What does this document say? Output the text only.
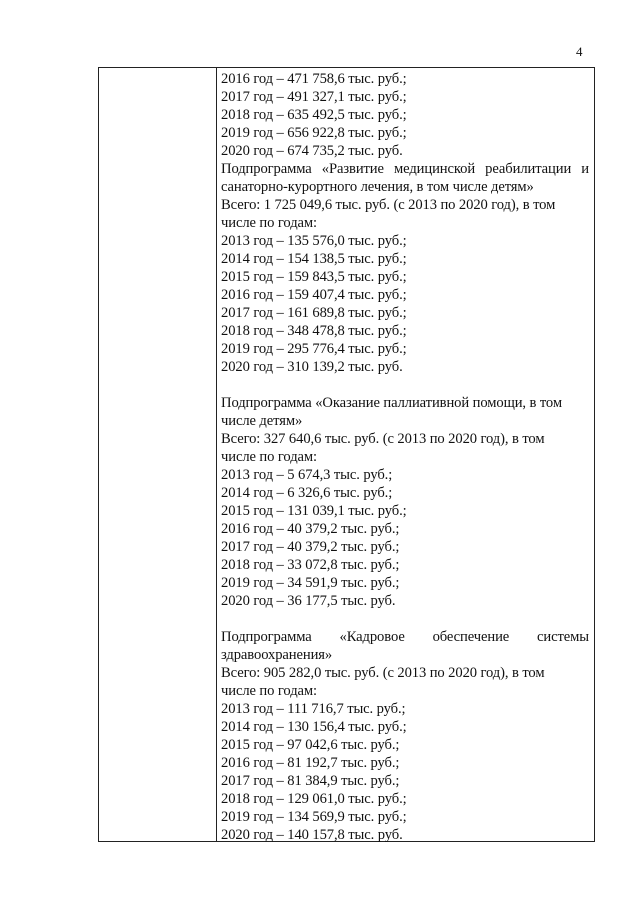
4
2016 год – 471 758,6 тыс. руб.;
2017 год – 491 327,1 тыс. руб.;
2018 год – 635 492,5 тыс. руб.;
2019 год – 656 922,8 тыс. руб.;
2020 год – 674 735,2 тыс. руб.
Подпрограмма «Развитие медицинской реабилитации и
санаторно-курортного лечения, в том числе детям»
Всего: 1 725 049,6 тыс. руб. (с 2013 по 2020 год), в том
числе по годам:
2013 год – 135 576,0 тыс. руб.;
2014 год – 154 138,5 тыс. руб.;
2015 год – 159 843,5 тыс. руб.;
2016 год – 159 407,4 тыс. руб.;
2017 год – 161 689,8 тыс. руб.;
2018 год – 348 478,8 тыс. руб.;
2019 год – 295 776,4 тыс. руб.;
2020 год – 310 139,2 тыс. руб.
Подпрограмма «Оказание паллиативной помощи, в том
числе детям»
Всего: 327 640,6 тыс. руб. (с 2013 по 2020 год), в том
числе по годам:
2013 год – 5 674,3 тыс. руб.;
2014 год – 6 326,6 тыс. руб.;
2015 год – 131 039,1 тыс. руб.;
2016 год – 40 379,2 тыс. руб.;
2017 год – 40 379,2 тыс. руб.;
2018 год – 33 072,8 тыс. руб.;
2019 год – 34 591,9 тыс. руб.;
2020 год – 36 177,5 тыс. руб.
Подпрограмма «Кадровое обеспечение системы
здравоохранения»
Всего: 905 282,0 тыс. руб. (с 2013 по 2020 год), в том
числе по годам:
2013 год – 111 716,7 тыс. руб.;
2014 год – 130 156,4 тыс. руб.;
2015 год – 97 042,6 тыс. руб.;
2016 год – 81 192,7 тыс. руб.;
2017 год – 81 384,9 тыс. руб.;
2018 год – 129 061,0 тыс. руб.;
2019 год – 134 569,9 тыс. руб.;
2020 год – 140 157,8 тыс. руб.
